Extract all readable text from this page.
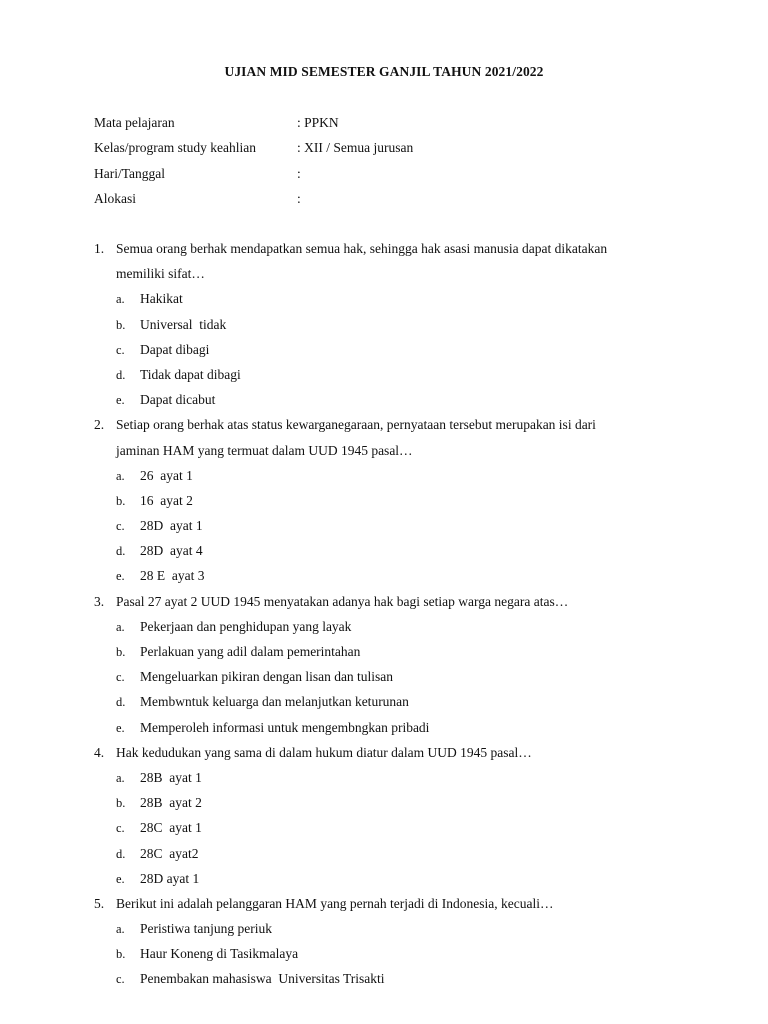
UJIAN MID SEMESTER GANJIL TAHUN 2021/2022
Mata pelajaran	: PPKN
Kelas/program study keahlian	: XII / Semua jurusan
Hari/Tanggal	:
Alokasi	:
1. Semua orang berhak mendapatkan semua hak, sehingga hak asasi manusia dapat dikatakan
memiliki sifat…
a. Hakikat
b. Universal  tidak
c. Dapat dibagi
d. Tidak dapat dibagi
e. Dapat dicabut
2. Setiap orang berhak atas status kewarganegaraan, pernyataan tersebut merupakan isi dari
jaminan HAM yang termuat dalam UUD 1945 pasal…
a. 26  ayat 1
b. 16  ayat 2
c. 28D  ayat 1
d. 28D  ayat 4
e. 28 E  ayat 3
3. Pasal 27 ayat 2 UUD 1945 menyatakan adanya hak bagi setiap warga negara atas…
a. Pekerjaan dan penghidupan yang layak
b. Perlakuan yang adil dalam pemerintahan
c. Mengeluarkan pikiran dengan lisan dan tulisan
d. Membwntuk keluarga dan melanjutkan keturunan
e. Memperoleh informasi untuk mengembngkan pribadi
4. Hak kedudukan yang sama di dalam hukum diatur dalam UUD 1945 pasal…
a. 28B  ayat 1
b. 28B  ayat 2
c. 28C  ayat 1
d. 28C  ayat2
e. 28D ayat 1
5. Berikut ini adalah pelanggaran HAM yang pernah terjadi di Indonesia, kecuali…
a. Peristiwa tanjung periuk
b. Haur Koneng di Tasikmalaya
c. Penembakan mahasiswa  Universitas Trisakti
